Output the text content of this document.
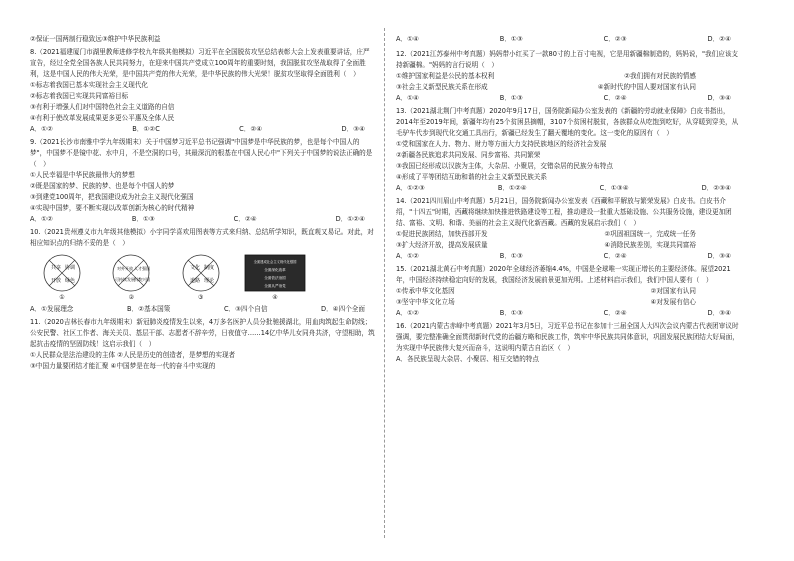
②保证一国两制行稳致远③维护中华民族利益
8.（2021福建厦门市湖里教师进修学校九年级其他模拟）习近平在全国脱贫攻坚总结表彰大会上发表重要讲话，庄严宣告，经过全党全国各族人民共同努力，在迎来中国共产党成立100周年的重要时刻，我国脱贫攻坚战取得了全面胜利，这是中国人民的伟大光荣，是中国共产党的伟大光荣，是中华民族的伟大光荣！脱贫攻坚取得全面胜利（　）
①标志着我国已基本实现社会主义现代化
②标志着我国已实现共同富裕目标
③有利于增强人们对中国特色社会主义道路的自信
④有利于使改革发展成果更多更公平惠及全体人民
A．①②	B．①②C	C．②④	D．③④
9.（2021长沙市南雅中学九年级期末）关于中国梦习近平总书记强调"中国梦是中华民族的梦，也是每个中国人的梦"，中国梦不是镜中花、水中月，不是空洞的口号，其最深沉的根基在中国人民心中"下列关于中国梦的说法正确的是（　）
①人民幸福是中华民族最伟大的梦想
②既是国家的梦、民族的梦、也是每个中国人的梦
③到建党100周年，把我国建设成为社会主义现代化强国
④实现中国梦，要不断实现以改革创新为核心的时代精神
A．①②	B．①③	C．②④	D．①②④
10.（2021贵州遵义市九年级其他模拟）小宇同学喜欢用图表等方式来归纳、总结所学知识，既直观又易记。对此，对相应知识点的归纳不妥的是（　）
共享 协调
开放 绿色
①
对外开放 人才强国
可持续发展 科教兴国
②
文化 制度
道路 理论
③
全面建成社会主义现代化强国
全面深化改革
全面依法治国
全面从严治党
④
A．①发展理念	B．②基本国策	C．③四个自信	D．④四个全面
11.（2020吉林长春市九年级期末）新冠肺炎疫情发生以来，4万多名医护人员分批驰援湖北，用血肉筑起生命防线；公安民警、社区工作者、海关关员、基层干部、志愿者不辞辛劳，日夜值守……14亿中华儿女同舟共济，守望相助，筑起抗击疫情的坚固防线！这启示我们（　）
①人民群众是法治建设的主体 ②人民是历史的创造者，是梦想的实现者
③中国力量要团结才能汇聚 ④中国梦是在每一代的奋斗中实现的
A．①④	B．①③	C．②③	D．②④
12.（2021江苏泰州中考真题）妈妈带小红买了一款80寸的上百寸电视，它是用新疆棉制造的，妈妈说，"我们应该支持新疆棉。"妈妈的言行说明（　）
①维护国家利益是公民的基本权利	②我们拥有对民族的情感
③社会主义新型民族关系在形成	④新时代的中国人要对国家有认同
A．①④	B．①③	C．②④	D．③④
13.（2021湖北荆门中考真题）2020年9月17日，国务院新闻办公室发表的《新疆的劳动就业保障》白皮书指出，2014年至2019年间，新疆年均有25个贫困县摘帽，3107个贫困村脱贫，各族群众从吃饱到吃好，从穿暖到穿美，从毛驴车代步到现代化交通工具出行，新疆已经发生了翻天覆地的变化。这一变化的原因有（　）
①党和国家在人力、物力、财力等方面大力支持民族地区的经济社会发展
②新疆各民族追求共同发展、同步富裕、共同繁荣
③我国已经形成以汉族为主体，大杂居、小聚居，交错杂居的民族分布特点
④形成了平等团结互助和谐的社会主义新型民族关系
A．①②③	B．①②④	C．①③④	D．②③④
14.（2021四川眉山中考真题）5月21日，国务院新闻办公室发表《西藏和平解放与繁荣发展》白皮书。白皮书介绍，"十四五"时期，西藏将继续加快推进铁路建设等工程，推动建设一批重大基础设施、公共服务设施，建设更加团结、富裕、文明、和谐、美丽的社会主义现代化新西藏。西藏的发展启示我们（　）
①促进民族团结，加快西部开发	②巩固祖国统一，完成统一任务
③扩大经济开放，提高发展质量	④消除民族差别，实现共同富裕
A．①②	B．①③	C．②④	D．③④
15.（2021湖北黄石中考真题）2020年全球经济萎缩4.4%，中国是全球唯一实现正增长的主要经济体。展望2021年，中国经济持续稳定向好的发展，我国经济发展前景更加光明。上述材料启示我们，我们中国人要有（　）
①传承中华文化基因	②对国家有认同
③坚守中华文化立场	④对发展有信心
A．①②	B．①③	C．②④	D．③④
16.（2021内蒙古赤峰中考真题）2021年3月5日，习近平总书记在参加十三届全国人大四次会议内蒙古代表团审议时强调，要完整准确全面贯彻新时代党的治疆方略和民族工作，筑牢中华民族共同体意识，巩固发展民族团结大好局面，为实现中华民族伟大复兴而奋斗，这说明内蒙古自治区（　）
A．各民族呈现大杂居、小聚居、相互交错的特点
